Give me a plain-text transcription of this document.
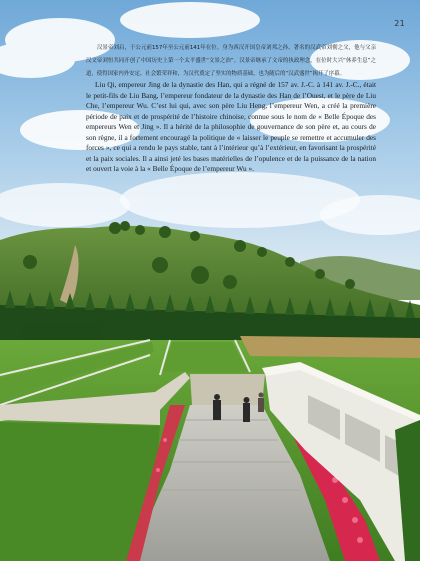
21

汉景帝刘启，于公元前157年至公元前141年在位。身为西汉开国皇帝刘邦之孙、著名的汉武帝刘彻之父，他与父亲汉文帝刘恒共同开创了中国历史上第一个太平盛世“文景之治”。汉景帝继承了文帝的执政理念，在位时大兴“休养生息”之道，使得国家内外安定、社会繁荣祥和，为汉代奠定了坚实的物质基础，也为随后的“汉武盛世”揭开了序幕。

Liu Qi, empereur Jing de la dynastie des Han, qui a régné de 157 av. J.-C. à 141 av. J.-C., était le petit-fils de Liu Bang, l’empereur fondateur de la dynastie des Han de l’Ouest, et le père de Liu Che, l’empereur Wu. C’est lui qui, avec son père Liu Heng, l’empereur Wen, a créé la première période de paix et de prospérité de l’histoire chinoise, connue sous le nom de « Belle Époque des empereurs Wen et Jing ». Il a hérité de la philosophie de gouvernance de son père et, au cours de son règne, il a fortement encouragé la politique de « laisser le peuple se remettre et accumuler des forces », ce qui a rendu le pays stable, tant à l’intérieur qu’à l’extérieur, en favorisant la prospérité et la paix sociales. Il a ainsi jeté les bases matérielles de l’opulence et de la puissance de la nation et ouvert la voie à la « Belle Époque de l’empereur Wu ».
